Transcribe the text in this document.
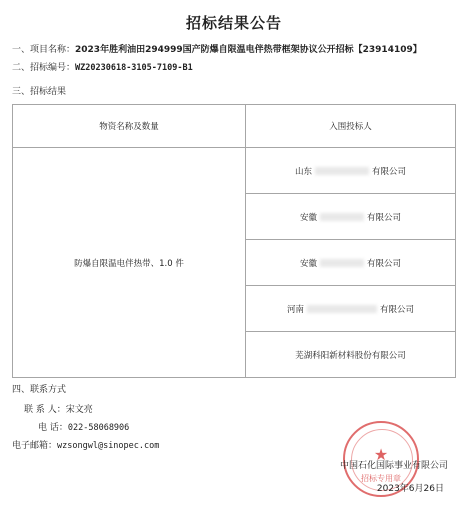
招标结果公告
一、项目名称：2023年胜利油田294999国产防爆自限温电伴热带框架协议公开招标【23914109】
二、招标编号：WZ20230618-3105-7109-B1
三、招标结果
物资名称及数量	入围投标人
防爆自限温电伴热带、1.0 件	山东 有限公司
	安徽 有限公司
	安徽 有限公司
	河南 有限公司
	芜湖科阳新材料股份有限公司
四、联系方式
联 系 人：宋文亮
电 话：022-58068906
电子邮箱：wzsongwl@sinopec.com	★
招标专用章
中国石化国际事业有限公司
2023年6月26日
